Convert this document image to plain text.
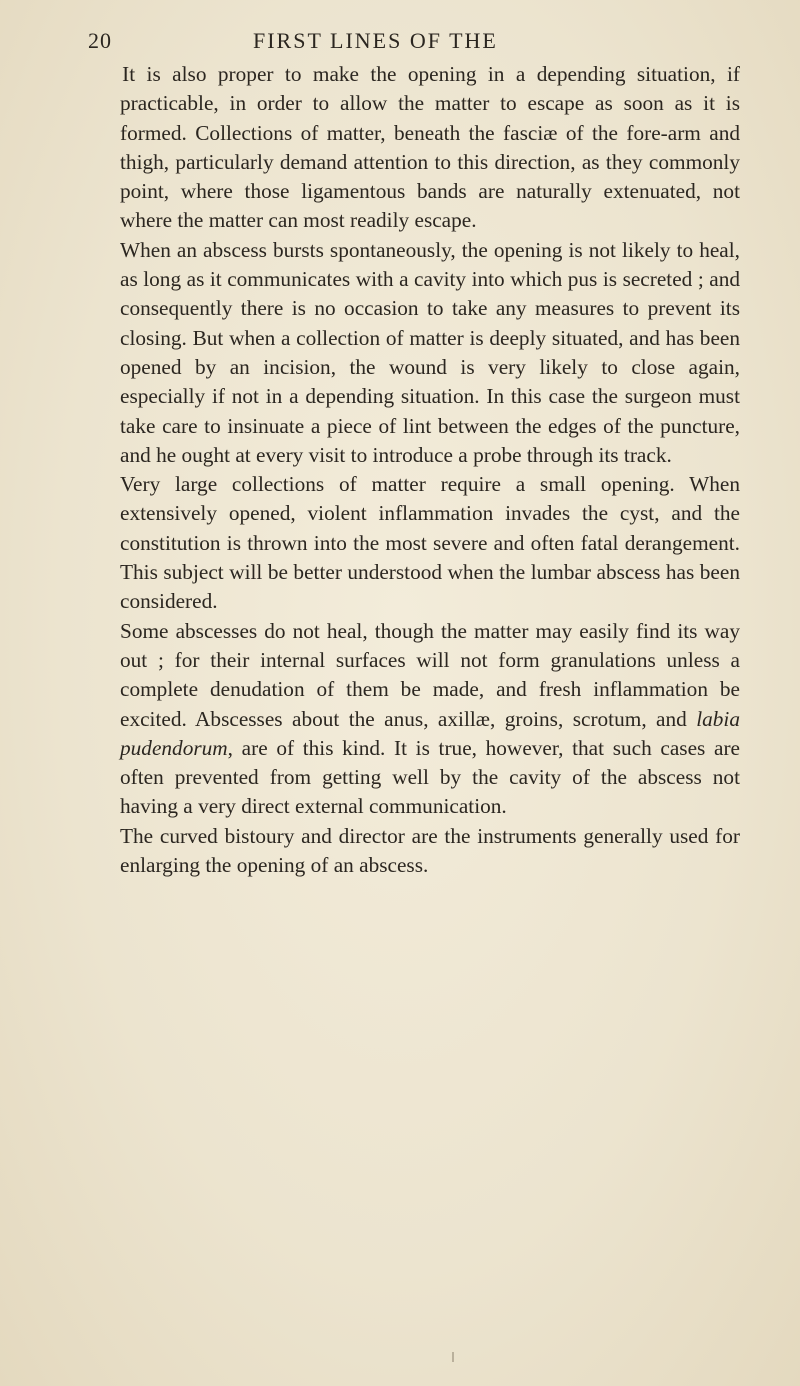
20	FIRST LINES OF THE

It is also proper to make the opening in a depending situation, if practicable, in order to allow the matter to escape as soon as it is formed. Collections of matter, beneath the fasciæ of the fore-arm and thigh, particularly demand attention to this direction, as they commonly point, where those ligamentous bands are naturally extenuated, not where the matter can most readily escape.

When an abscess bursts spontaneously, the opening is not likely to heal, as long as it communicates with a cavity into which pus is secreted ; and consequently there is no occasion to take any measures to prevent its closing. But when a collection of matter is deeply situated, and has been opened by an incision, the wound is very likely to close again, especially if not in a depending situation. In this case the surgeon must take care to insinuate a piece of lint between the edges of the puncture, and he ought at every visit to introduce a probe through its track.

Very large collections of matter require a small opening. When extensively opened, violent inflammation invades the cyst, and the constitution is thrown into the most severe and often fatal derangement. This subject will be better understood when the lumbar abscess has been considered.

Some abscesses do not heal, though the matter may easily find its way out ; for their internal surfaces will not form granulations unless a complete denudation of them be made, and fresh inflammation be excited. Abscesses about the anus, axillæ, groins, scrotum, and labia pudendorum, are of this kind. It is true, however, that such cases are often prevented from getting well by the cavity of the abscess not having a very direct external communication.

The curved bistoury and director are the instruments generally used for enlarging the opening of an abscess.
